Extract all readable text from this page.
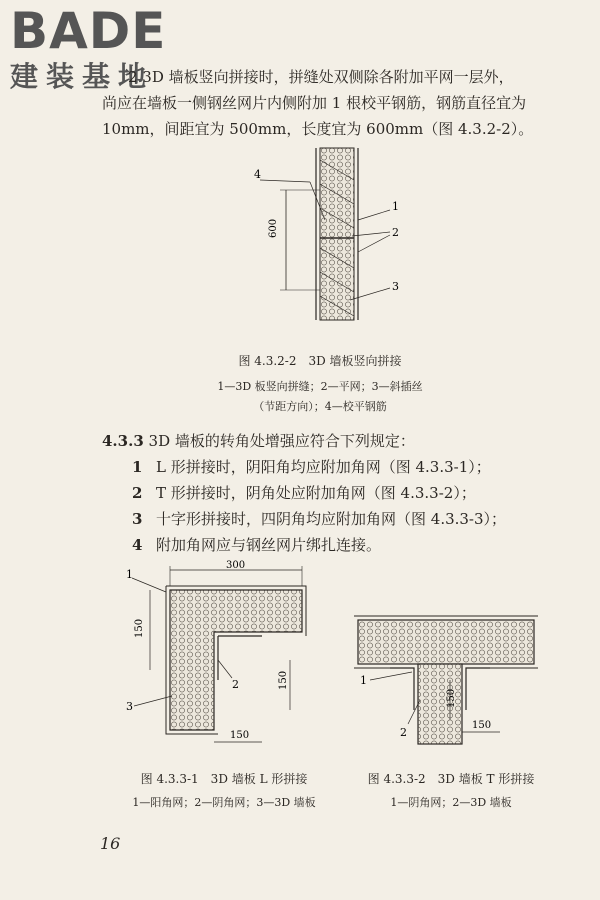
BADE
建装基地
2 3D 墙板竖向拼接时，拼缝处双侧除各附加平网一层外，
尚应在墙板一侧钢丝网片内侧附加 1 根校平钢筋，钢筋直径宜为
10mm，间距宜为 500mm，长度宜为 600mm（图 4.3.2-2）。
600
4
1
2
3
图 4.3.2-2　3D 墙板竖向拼接
1—3D 板竖向拼缝；2—平网；3—斜插丝
（节距方向）；4—校平钢筋
4.3.3 3D 墙板的转角处增强应符合下列规定：
1 L 形拼接时，阴阳角均应附加角网（图 4.3.3-1）；
2 T 形拼接时，阴角处应附加角网（图 4.3.3-2）；
3 十字形拼接时，四阴角均应附加角网（图 4.3.3-3）；
4 附加角网应与钢丝网片绑扎连接。
300
150
150
150
1
2
3	150
150
1
2
图 4.3.3-1　3D 墙板 L 形拼接
1—阳角网；2—阴角网；3—3D 墙板
图 4.3.3-2　3D 墙板 T 形拼接
1—阴角网；2—3D 墙板
16
